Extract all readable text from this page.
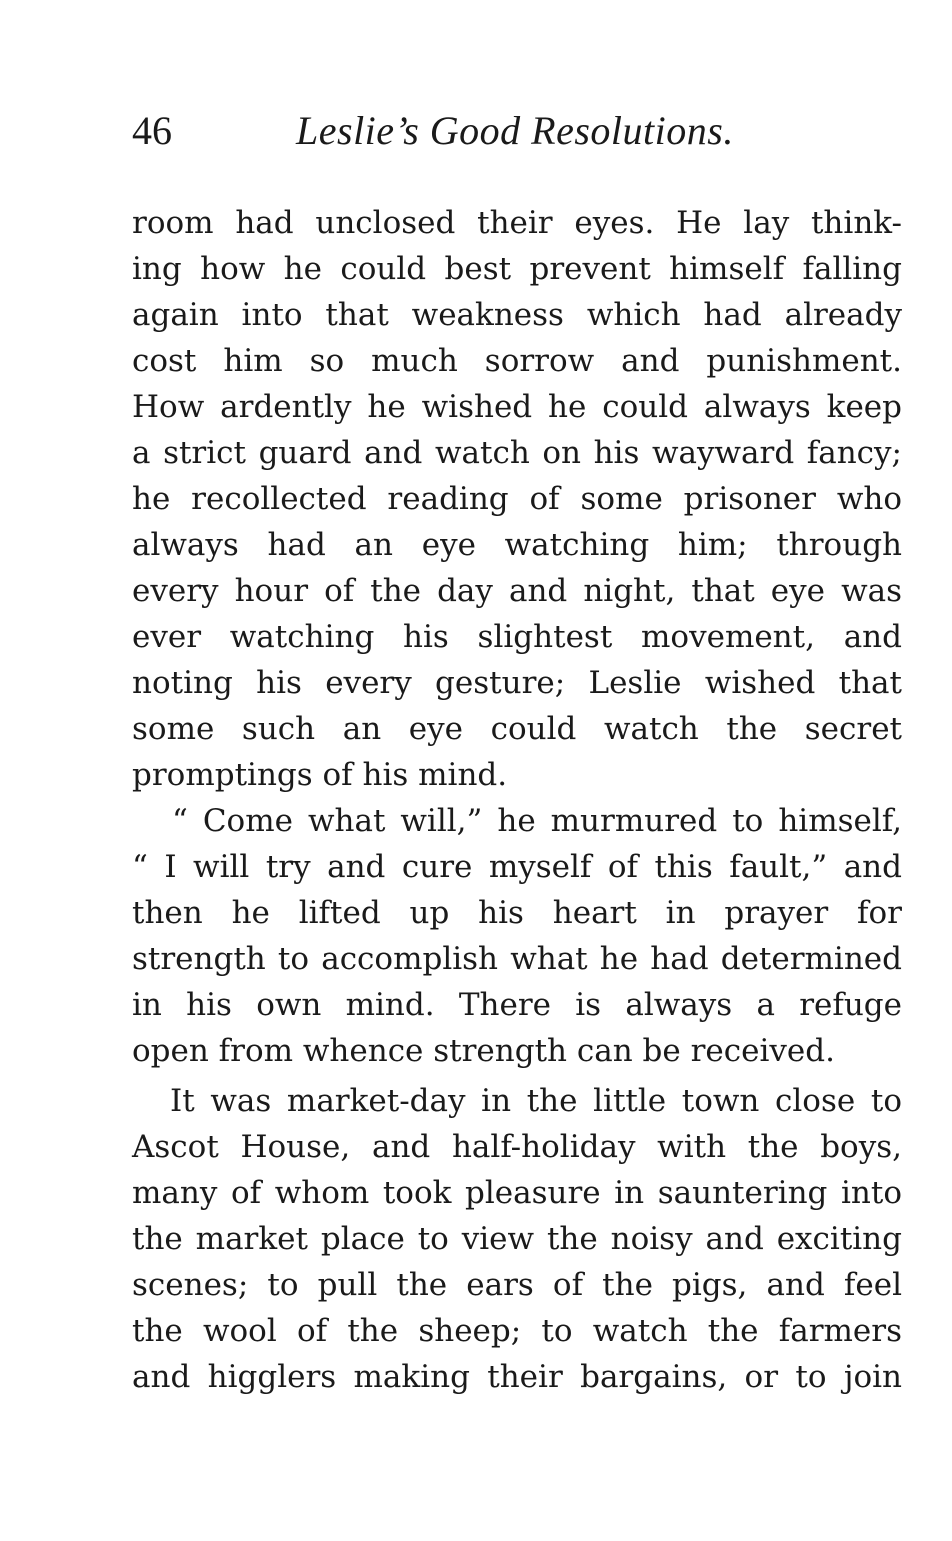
46	Leslie’s Good Resolutions.
room had unclosed their eyes. He lay think-
ing how he could best prevent himself falling
again into that weakness which had already
cost him so much sorrow and punishment.
How ardently he wished he could always keep
a strict guard and watch on his wayward fancy;
he recollected reading of some prisoner who
always had an eye watching him; through
every hour of the day and night, that eye was
ever watching his slightest movement, and
noting his every gesture; Leslie wished that
some such an eye could watch the secret
promptings of his mind.
“ Come what will,” he murmured to himself,
“ I will try and cure myself of this fault,” and
then he lifted up his heart in prayer for
strength to accomplish what he had determined
in his own mind. There is always a refuge
open from whence strength can be received.
It was market-day in the little town close to
Ascot House, and half-holiday with the boys,
many of whom took pleasure in sauntering into
the market place to view the noisy and exciting
scenes; to pull the ears of the pigs, and feel
the wool of the sheep; to watch the farmers
and higglers making their bargains, or to join
